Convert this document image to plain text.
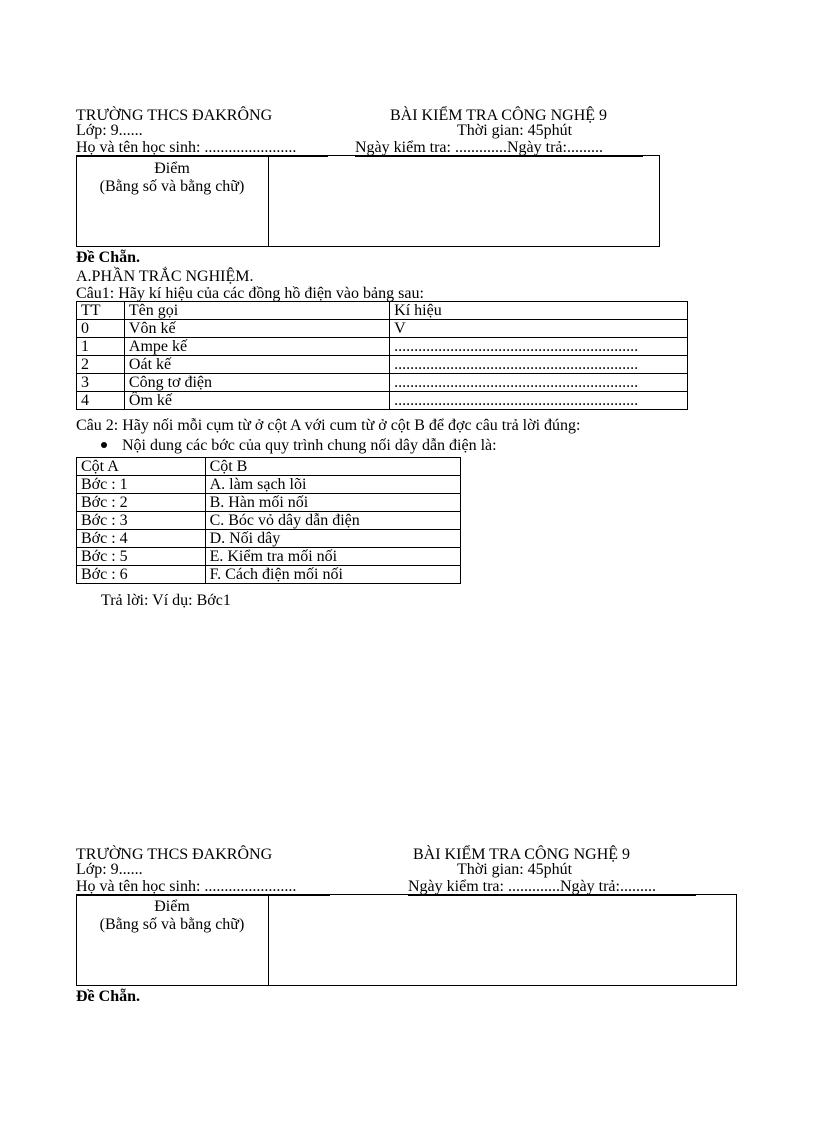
TRƯỜNG THCS ĐAKRÔNG	BÀI KIỂM TRA CÔNG NGHỆ 9
Lớp: 9......	Thời gian: 45phút
Họ và tên học sinh: .......................	Ngày kiểm tra: .............Ngày trả:.........
Điểm
(Bằng số và bằng chữ)
Đề Chẵn.
A.PHẦN TRẮC NGHIỆM.
Câu1: Hãy kí hiệu của các đồng hồ điện vào bảng sau:
TT	Tên gọi	Kí hiệu
0	Vôn kế	V
1	Ampe kế	.............................................................
2	Oát kế	.............................................................
3	Công tơ điện	.............................................................
4	Ôm kế	.............................................................
Câu 2: Hãy nối mỗi cụm từ ở cột A với cum từ ở cột B để đợc câu trả lời đúng:
Nội dung các bớc của quy trình chung nối dây dẫn điện là:
Cột A	Cột B
Bớc : 1	A. làm sạch lõi
Bớc : 2	B. Hàn mối nối
Bớc : 3	C. Bóc vỏ dây dẫn điện
Bớc : 4	D. Nối dây
Bớc : 5	E. Kiểm tra mối nối
Bớc : 6	F. Cách điện mối nối
Trả lời: Ví dụ: Bớc1
TRƯỜNG THCS ĐAKRÔNG	BÀI KIỂM TRA CÔNG NGHỆ 9
Lớp: 9......	Thời gian: 45phút
Họ và tên học sinh: .......................	Ngày kiểm tra: .............Ngày trả:.........
Điểm
(Bằng số và bằng chữ)
Đề Chẵn.
